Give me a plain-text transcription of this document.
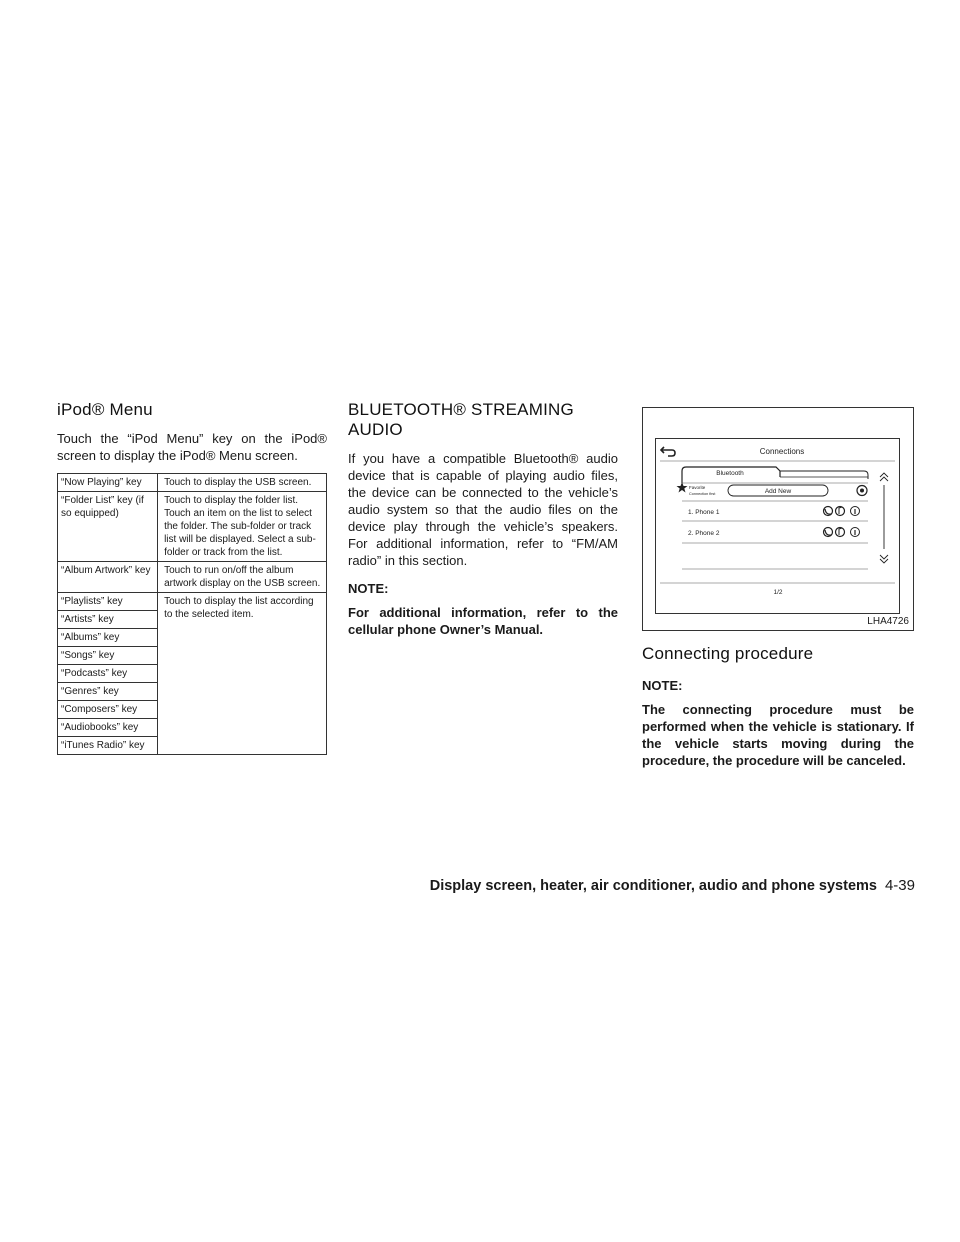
iPod® Menu

Touch the “iPod Menu” key on the iPod® screen to display the iPod® Menu screen.

“Now Playing” key	Touch to display the USB screen.
“Folder List” key (if so equipped)	Touch to display the folder list. Touch an item on the list to select the folder. The sub-folder or track list will be displayed. Select a sub-folder or track from the list.
“Album Artwork” key	Touch to run on/off the album artwork display on the USB screen.
“Playlists” key	Touch to display the list according to the selected item.
“Artists” key	
“Albums” key	
“Songs” key	
“Podcasts” key	
“Genres” key	
“Composers” key	
“Audiobooks” key	
“iTunes Radio” key	
BLUETOOTH® STREAMING AUDIO

If you have a compatible Bluetooth® audio device that is capable of playing audio files, the device can be connected to the vehicle’s audio system so that the audio files on the device play through the vehicle’s speakers. For additional information, refer to “FM/AM radio” in this section.

NOTE:
For additional information, refer to the cellular phone Owner’s Manual.
Connections
Bluetooth
Favorite
Connection first	Add New
1. Phone 1
2. Phone 2
1/2
LHA4726
Connecting procedure
NOTE:
The connecting procedure must be performed when the vehicle is stationary. If the vehicle starts moving during the procedure, the procedure will be canceled.
Display screen, heater, air conditioner, audio and phone systems 4-39
